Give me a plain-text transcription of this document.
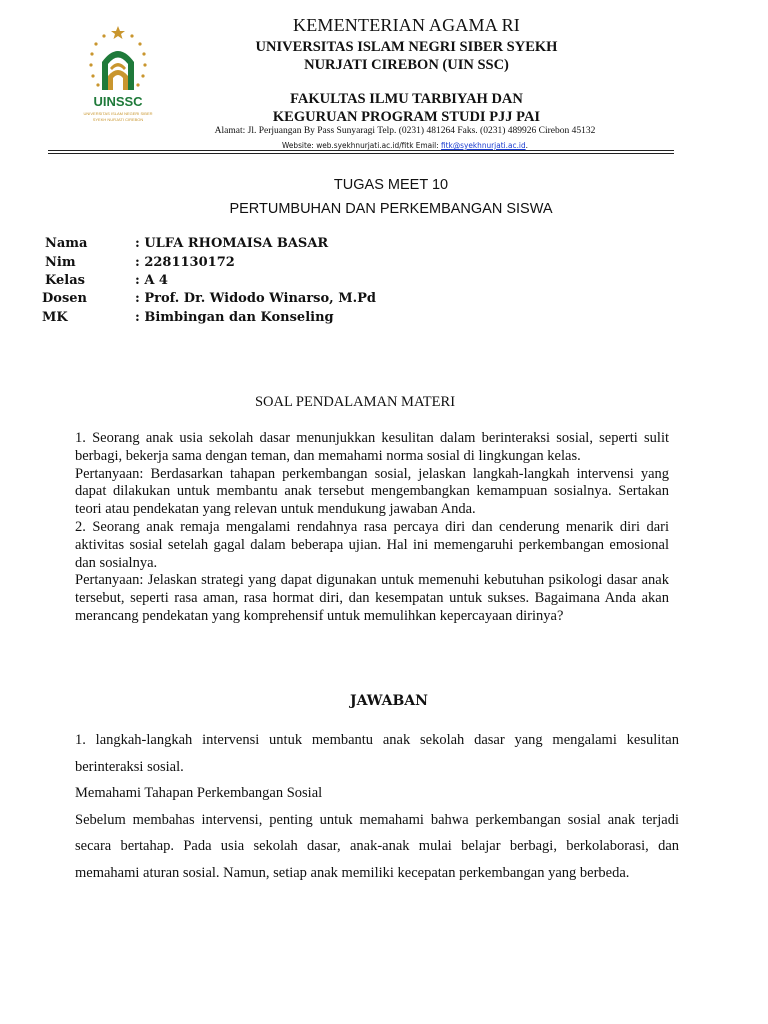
UINSSC
UNIVERSITAS ISLAM NEGERI SIBER
SYEKH NURJATI CIREBON
KEMENTERIAN AGAMA RI
UNIVERSITAS ISLAM NEGRI SIBER SYEKH NURJATI CIREBON (UIN SSC)
FAKULTAS ILMU TARBIYAH DAN KEGURUAN PROGRAM STUDI PJJ PAI
Alamat: Jl. Perjuangan By Pass Sunyaragi Telp. (0231) 481264 Faks. (0231) 489926 Cirebon 45132
Website: web.syekhnurjati.ac.id/fitk Email: fitk@syekhnurjati.ac.id.
TUGAS MEET 10
PERTUMBUHAN DAN PERKEMBANGAN SISWA
Nama	: ULFA RHOMAISA BASAR
Nim	: 2281130172
Kelas	: A 4
Dosen	: Prof. Dr. Widodo Winarso, M.Pd
MK	: Bimbingan dan Konseling
SOAL PENDALAMAN MATERI

1. Seorang anak usia sekolah dasar menunjukkan kesulitan dalam berinteraksi sosial, seperti sulit berbagi, bekerja sama dengan teman, dan memahami norma sosial di lingkungan kelas.

Pertanyaan: Berdasarkan tahapan perkembangan sosial, jelaskan langkah-langkah intervensi yang dapat dilakukan untuk membantu anak tersebut mengembangkan kemampuan sosialnya. Sertakan teori atau pendekatan yang relevan untuk mendukung jawaban Anda.

2. Seorang anak remaja mengalami rendahnya rasa percaya diri dan cenderung menarik diri dari aktivitas sosial setelah gagal dalam beberapa ujian. Hal ini memengaruhi perkembangan emosional dan sosialnya.

Pertanyaan: Jelaskan strategi yang dapat digunakan untuk memenuhi kebutuhan psikologi dasar anak tersebut, seperti rasa aman, rasa hormat diri, dan kesempatan untuk sukses. Bagaimana Anda akan merancang pendekatan yang komprehensif untuk memulihkan kepercayaan dirinya?

JAWABAN

1. langkah-langkah intervensi untuk membantu anak sekolah dasar yang mengalami kesulitan berinteraksi sosial.

Memahami Tahapan Perkembangan Sosial

Sebelum membahas intervensi, penting untuk memahami bahwa perkembangan sosial anak terjadi secara bertahap. Pada usia sekolah dasar, anak-anak mulai belajar berbagi, berkolaborasi, dan memahami aturan sosial. Namun, setiap anak memiliki kecepatan perkembangan yang berbeda.
